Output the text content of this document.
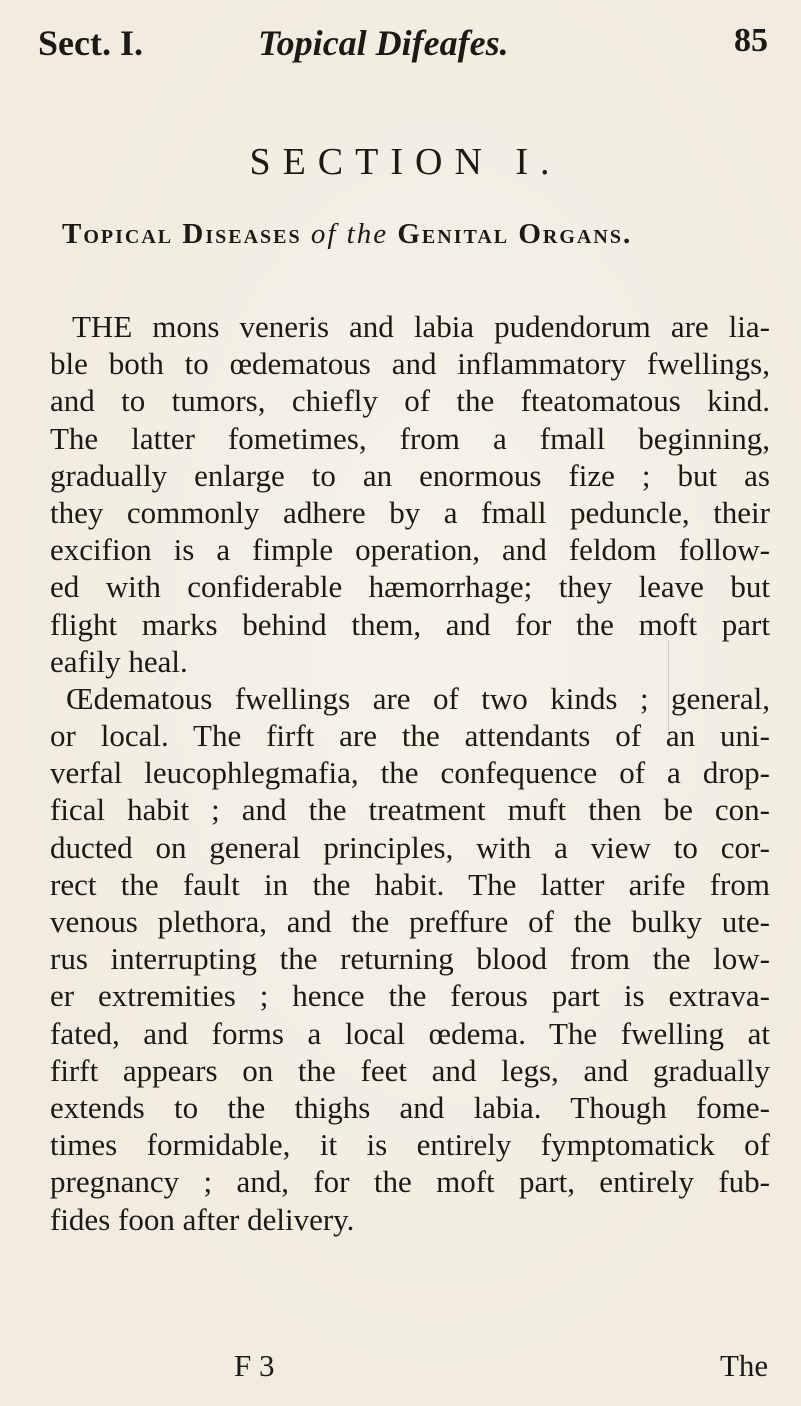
Sect. I.	Topical Difeafes.	85
SECTION I.
Topical Diseases of the Genital Organs.
THE mons veneris and labia pudendorum are lia-
ble both to œdematous and inflammatory fwellings,
and to tumors, chiefly of the fteatomatous kind.
The latter fometimes, from a fmall beginning,
gradually enlarge to an enormous fize ; but as
they commonly adhere by a fmall peduncle, their
excifion is a fimple operation, and feldom follow-
ed with confiderable hæmorrhage; they leave but
flight marks behind them, and for the moft part
eafily heal.
Œdematous fwellings are of two kinds ; general,
or local. The firft are the attendants of an uni-
verfal leucophlegmafia, the confequence of a drop-
fical habit ; and the treatment muft then be con-
ducted on general principles, with a view to cor-
rect the fault in the habit. The latter arife from
venous plethora, and the preffure of the bulky ute-
rus interrupting the returning blood from the low-
er extremities ; hence the ferous part is extrava-
fated, and forms a local œdema. The fwelling at
firft appears on the feet and legs, and gradually
extends to the thighs and labia. Though fome-
times formidable, it is entirely fymptomatick of
pregnancy ; and, for the moft part, entirely fub-
fides foon after delivery.
F 3	The
